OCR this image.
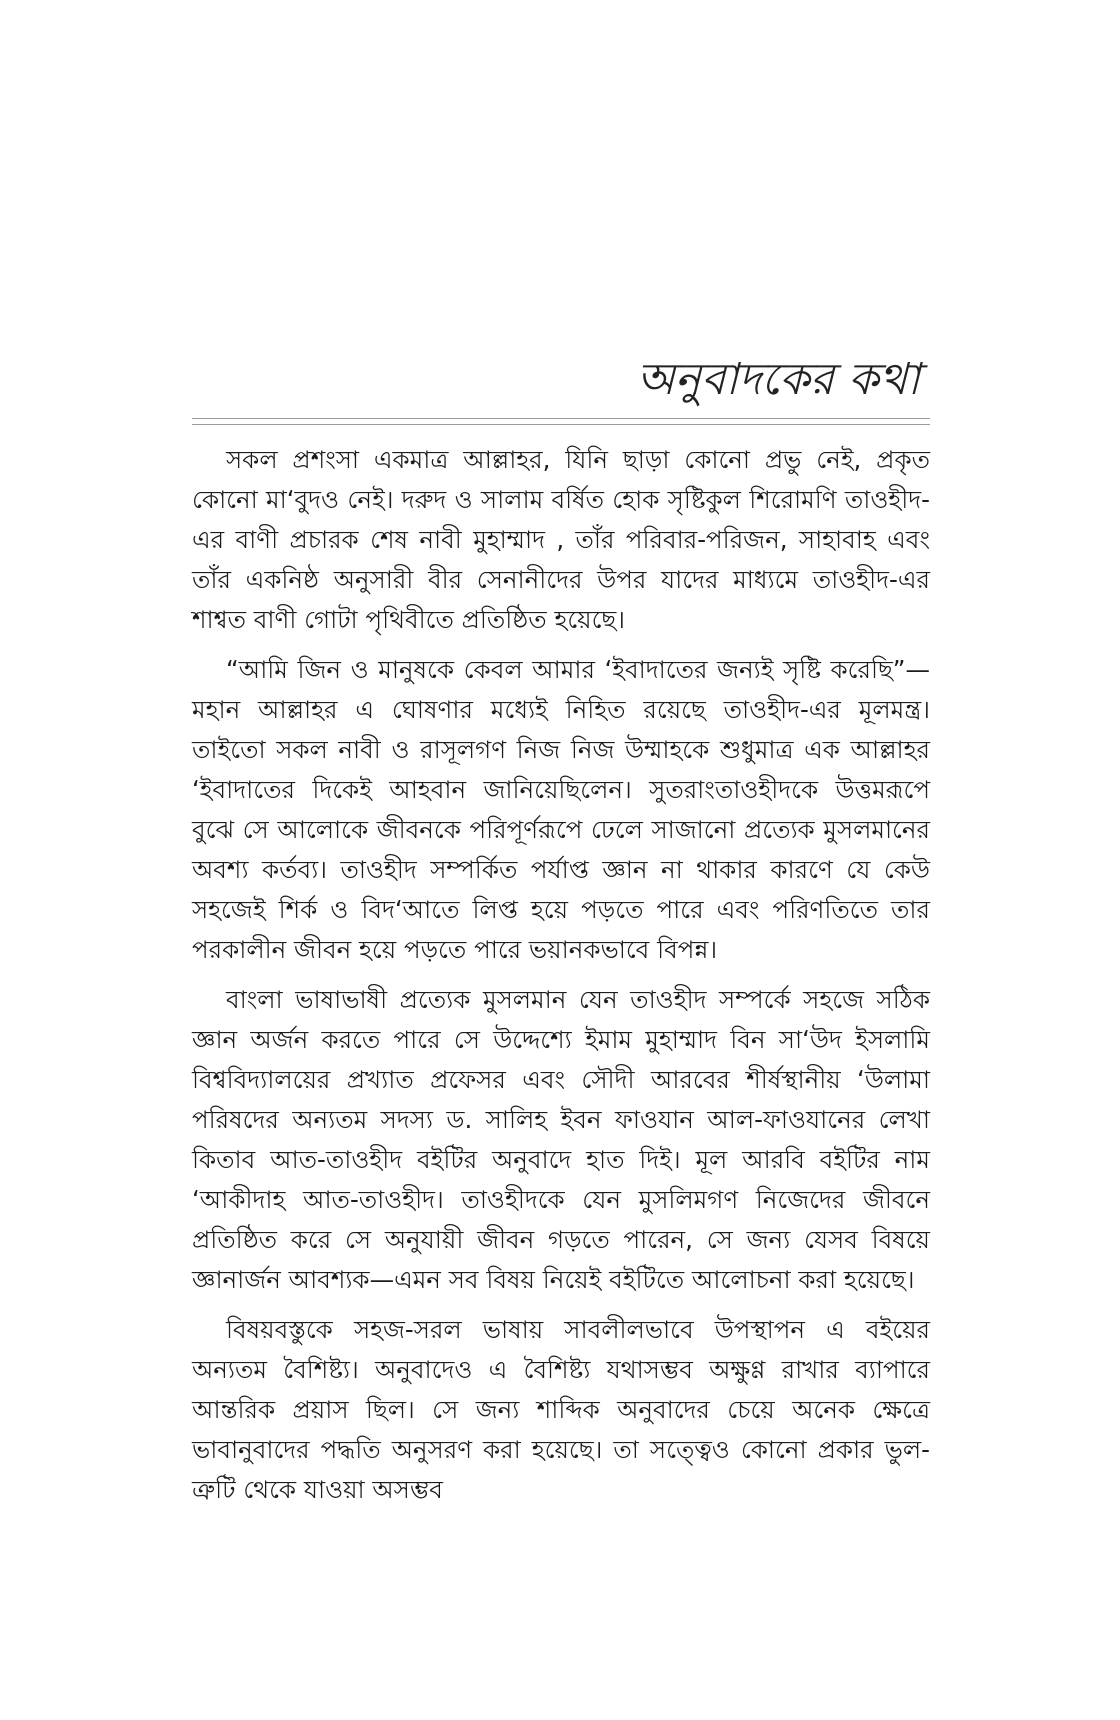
অনুবাদকের কথা

সকল প্রশংসা একমাত্র আল্লাহর, যিনি ছাড়া কোনো প্রভু নেই, প্রকৃত কোনো মা‘বুদও নেই। দরুদ ও সালাম বর্ষিত হোক সৃষ্টিকুল শিরোমণি তাওহীদ-এর বাণী প্রচারক শেষ নাবী মুহাম্মাদ , তাঁর পরিবার-পরিজন, সাহাবাহ এবং তাঁর একনিষ্ঠ অনুসারী বীর সেনানীদের উপর যাদের মাধ্যমে তাওহীদ-এর শাশ্বত বাণী গোটা পৃথিবীতে প্রতিষ্ঠিত হয়েছে।

“আমি জিন ও মানুষকে কেবল আমার ‘ইবাদাতের জন্যই সৃষ্টি করেছি”— মহান আল্লাহর এ ঘোষণার মধ্যেই নিহিত রয়েছে তাওহীদ-এর মূলমন্ত্র। তাইতো সকল নাবী ও রাসূলগণ নিজ নিজ উম্মাহকে শুধুমাত্র এক আল্লাহর ‘ইবাদাতের দিকেই আহবান জানিয়েছিলেন। সুতরাংতাওহীদকে উত্তমরূপে বুঝে সে আলোকে জীবনকে পরিপূর্ণরূপে ঢেলে সাজানো প্রত্যেক মুসলমানের অবশ্য কর্তব্য। তাওহীদ সম্পর্কিত পর্যাপ্ত জ্ঞান না থাকার কারণে যে কেউ সহজেই শির্ক ও বিদ‘আতে লিপ্ত হয়ে পড়তে পারে এবং পরিণতিতে তার পরকালীন জীবন হয়ে পড়তে পারে ভয়ানকভাবে বিপন্ন।

বাংলা ভাষাভাষী প্রত্যেক মুসলমান যেন তাওহীদ সম্পর্কে সহজে সঠিক জ্ঞান অর্জন করতে পারে সে উদ্দেশ্যে ইমাম মুহাম্মাদ বিন সা‘উদ ইসলামি বিশ্ববিদ্যালয়ের প্রখ্যাত প্রফেসর এবং সৌদী আরবের শীর্ষস্থানীয় ‘উলামা পরিষদের অন্যতম সদস্য ড. সালিহ ইবন ফাওযান আল-ফাওযানের লেখা কিতাব আত-তাওহীদ বইটির অনুবাদে হাত দিই। মূল আরবি বইটির নাম ‘আকীদাহ আত-তাওহীদ। তাওহীদকে যেন মুসলিমগণ নিজেদের জীবনে প্রতিষ্ঠিত করে সে অনুযায়ী জীবন গড়তে পারেন, সে জন্য যেসব বিষয়ে জ্ঞানার্জন আবশ্যক—এমন সব বিষয় নিয়েই বইটিতে আলোচনা করা হয়েছে।

বিষয়বস্তুকে সহজ-সরল ভাষায় সাবলীলভাবে উপস্থাপন এ বইয়ের অন্যতম বৈশিষ্ট্য। অনুবাদেও এ বৈশিষ্ট্য যথাসম্ভব অক্ষুণ্ণ রাখার ব্যাপারে আন্তরিক প্রয়াস ছিল। সে জন্য শাব্দিক অনুবাদের চেয়ে অনেক ক্ষেত্রে ভাবানুবাদের পদ্ধতি অনুসরণ করা হয়েছে। তা সত্ত্বেও কোনো প্রকার ভুল-ত্রুটি থেকে যাওয়া অসম্ভব
